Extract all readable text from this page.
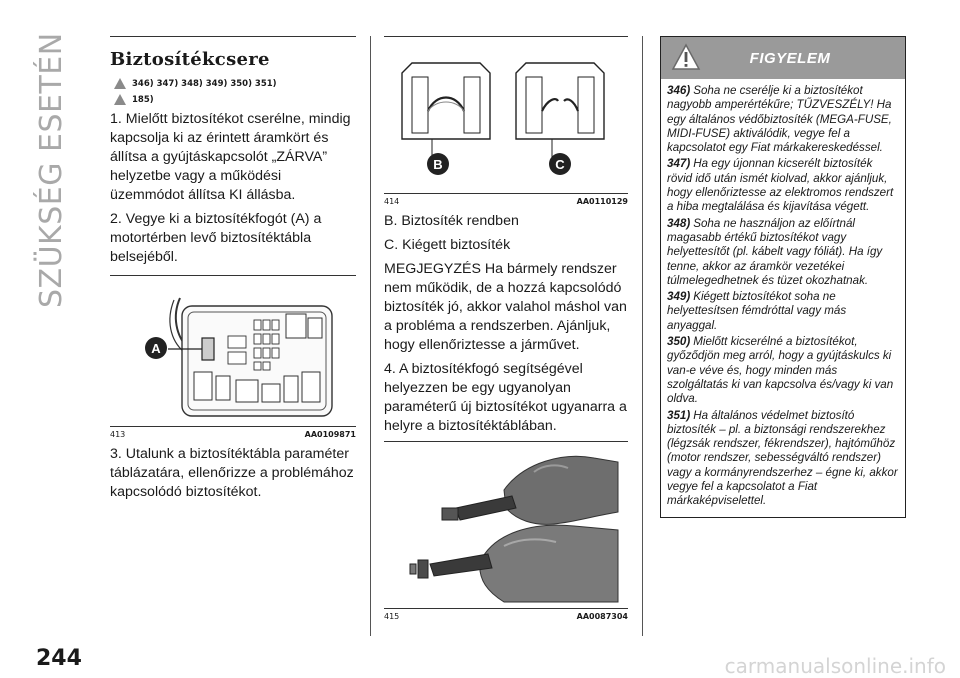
SZÜKSÉG ESETÉN	Biztosítékcsere
346) 347) 348) 349) 350) 351)
185)

1. Mielőtt biztosítékot cserélne, mindig kapcsolja ki az érintett áramkört és állítsa a gyújtáskapcsolót „ZÁRVA” helyzetbe vagy a működési üzemmódot állítsa KI állásba.

2. Vegye ki a biztosítékfogót (A) a motortérben levő biztosítéktábla belsejéből.

A
413	AA0109871

3. Utalunk a biztosítéktábla paraméter táblázatára, ellenőrizze a problémához kapcsolódó biztosítékot.

B	C
414	AA0110129

B. Biztosíték rendben

C. Kiégett biztosíték

MEGJEGYZÉS Ha bármely rendszer nem működik, de a hozzá kapcsolódó biztosíték jó, akkor valahol máshol van a probléma a rendszerben. Ajánljuk, hogy ellenőriztesse a járművet.

4. A biztosítékfogó segítségével helyezzen be egy ugyanolyan paraméterű új biztosítékot ugyanarra a helyre a biztosítéktáblában.

415	AA0087304
FIGYELEM
346) Soha ne cserélje ki a biztosítékot nagyobb amperértékűre; TŰZVESZÉLY! Ha egy általános védőbiztosíték (MEGA-FUSE, MIDI-FUSE) aktiválódik, vegye fel a kapcsolatot egy Fiat márkakereskedéssel.
347) Ha egy újonnan kicserélt biztosíték rövid idő után ismét kiolvad, akkor ajánljuk, hogy ellenőriztesse az elektromos rendszert a hiba megtalálása és kijavítása végett.
348) Soha ne használjon az előírtnál magasabb értékű biztosítékot vagy helyettesítőt (pl. kábelt vagy fóliát). Ha így tenne, akkor az áramkör vezetékei túlmelegedhetnek és tüzet okozhatnak.
349) Kiégett biztosítékot soha ne helyettesítsen fémdróttal vagy más anyaggal.
350) Mielőtt kicserélné a biztosítékot, győződjön meg arról, hogy a gyújtáskulcs ki van-e véve és, hogy minden más szolgáltatás ki van kapcsolva és/vagy ki van oldva.
351) Ha általános védelmet biztosító biztosíték – pl. a biztonsági rendszerekhez (légzsák rendszer, fékrendszer), hajtóműhöz (motor rendszer, sebességváltó rendszer) vagy a kormányrendszerhez – égne ki, akkor vegye fel a kapcsolatot a Fiat márkaképviselettel.
244	carmanualsonline.info
